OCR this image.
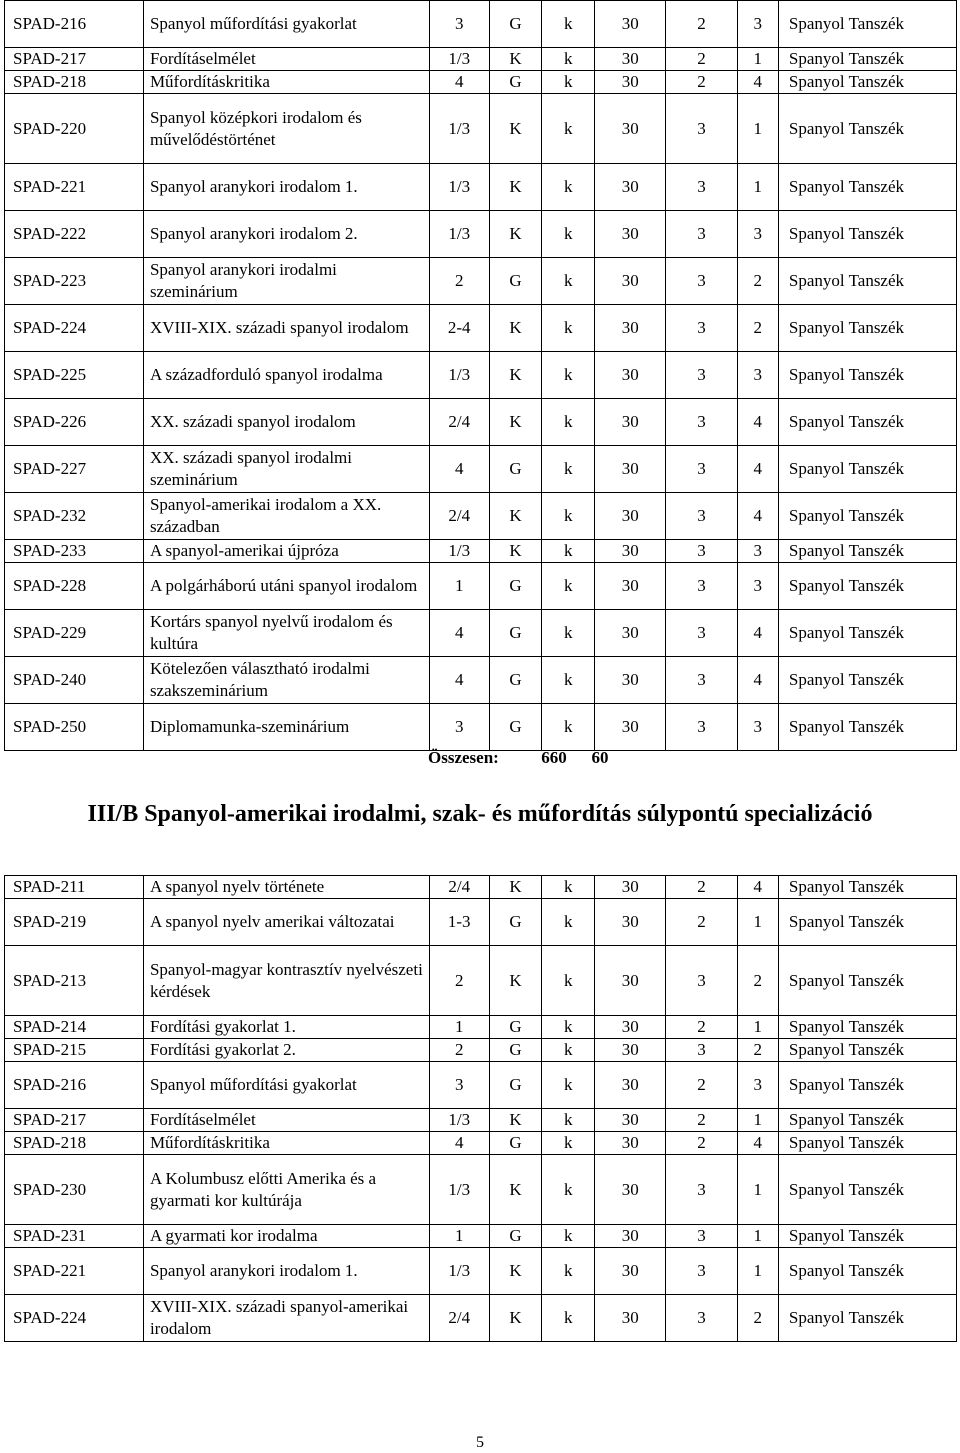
SPAD-216	Spanyol műfordítási gyakorlat	3	G	k	30	2	3	Spanyol Tanszék
SPAD-217	Fordításelmélet	1/3	K	k	30	2	1	Spanyol Tanszék
SPAD-218	Műfordításkritika	4	G	k	30	2	4	Spanyol Tanszék
SPAD-220	Spanyol középkori irodalom és művelődéstörténet	1/3	K	k	30	3	1	Spanyol Tanszék
SPAD-221	Spanyol aranykori irodalom 1.	1/3	K	k	30	3	1	Spanyol Tanszék
SPAD-222	Spanyol aranykori irodalom 2.	1/3	K	k	30	3	3	Spanyol Tanszék
SPAD-223	Spanyol aranykori irodalmi szeminárium	2	G	k	30	3	2	Spanyol Tanszék
SPAD-224	XVIII-XIX. századi spanyol irodalom	2-4	K	k	30	3	2	Spanyol Tanszék
SPAD-225	A századforduló spanyol irodalma	1/3	K	k	30	3	3	Spanyol Tanszék
SPAD-226	XX. századi spanyol irodalom	2/4	K	k	30	3	4	Spanyol Tanszék
SPAD-227	XX. századi spanyol irodalmi szeminárium	4	G	k	30	3	4	Spanyol Tanszék
SPAD-232	Spanyol-amerikai irodalom a XX. században	2/4	K	k	30	3	4	Spanyol Tanszék
SPAD-233	A spanyol-amerikai újpróza	1/3	K	k	30	3	3	Spanyol Tanszék
SPAD-228	A polgárháború utáni spanyol irodalom	1	G	k	30	3	3	Spanyol Tanszék
SPAD-229	Kortárs spanyol nyelvű irodalom és kultúra	4	G	k	30	3	4	Spanyol Tanszék
SPAD-240	Kötelezően választható irodalmi szakszeminárium	4	G	k	30	3	4	Spanyol Tanszék
SPAD-250	Diplomamunka-szeminárium	3	G	k	30	3	3	Spanyol Tanszék
Összesen: 660 60
III/B Spanyol-amerikai irodalmi, szak- és műfordítás súlypontú specializáció
SPAD-211	A spanyol nyelv története	2/4	K	k	30	2	4	Spanyol Tanszék
SPAD-219	A spanyol nyelv amerikai változatai	1-3	G	k	30	2	1	Spanyol Tanszék
SPAD-213	Spanyol-magyar kontrasztív nyelvészeti kérdések	2	K	k	30	3	2	Spanyol Tanszék
SPAD-214	Fordítási gyakorlat 1.	1	G	k	30	2	1	Spanyol Tanszék
SPAD-215	Fordítási gyakorlat 2.	2	G	k	30	3	2	Spanyol Tanszék
SPAD-216	Spanyol műfordítási gyakorlat	3	G	k	30	2	3	Spanyol Tanszék
SPAD-217	Fordításelmélet	1/3	K	k	30	2	1	Spanyol Tanszék
SPAD-218	Műfordításkritika	4	G	k	30	2	4	Spanyol Tanszék
SPAD-230	A Kolumbusz előtti Amerika és a gyarmati kor kultúrája	1/3	K	k	30	3	1	Spanyol Tanszék
SPAD-231	A gyarmati kor irodalma	1	G	k	30	3	1	Spanyol Tanszék
SPAD-221	Spanyol aranykori irodalom 1.	1/3	K	k	30	3	1	Spanyol Tanszék
SPAD-224	XVIII-XIX. századi spanyol-amerikai irodalom	2/4	K	k	30	3	2	Spanyol Tanszék
5
